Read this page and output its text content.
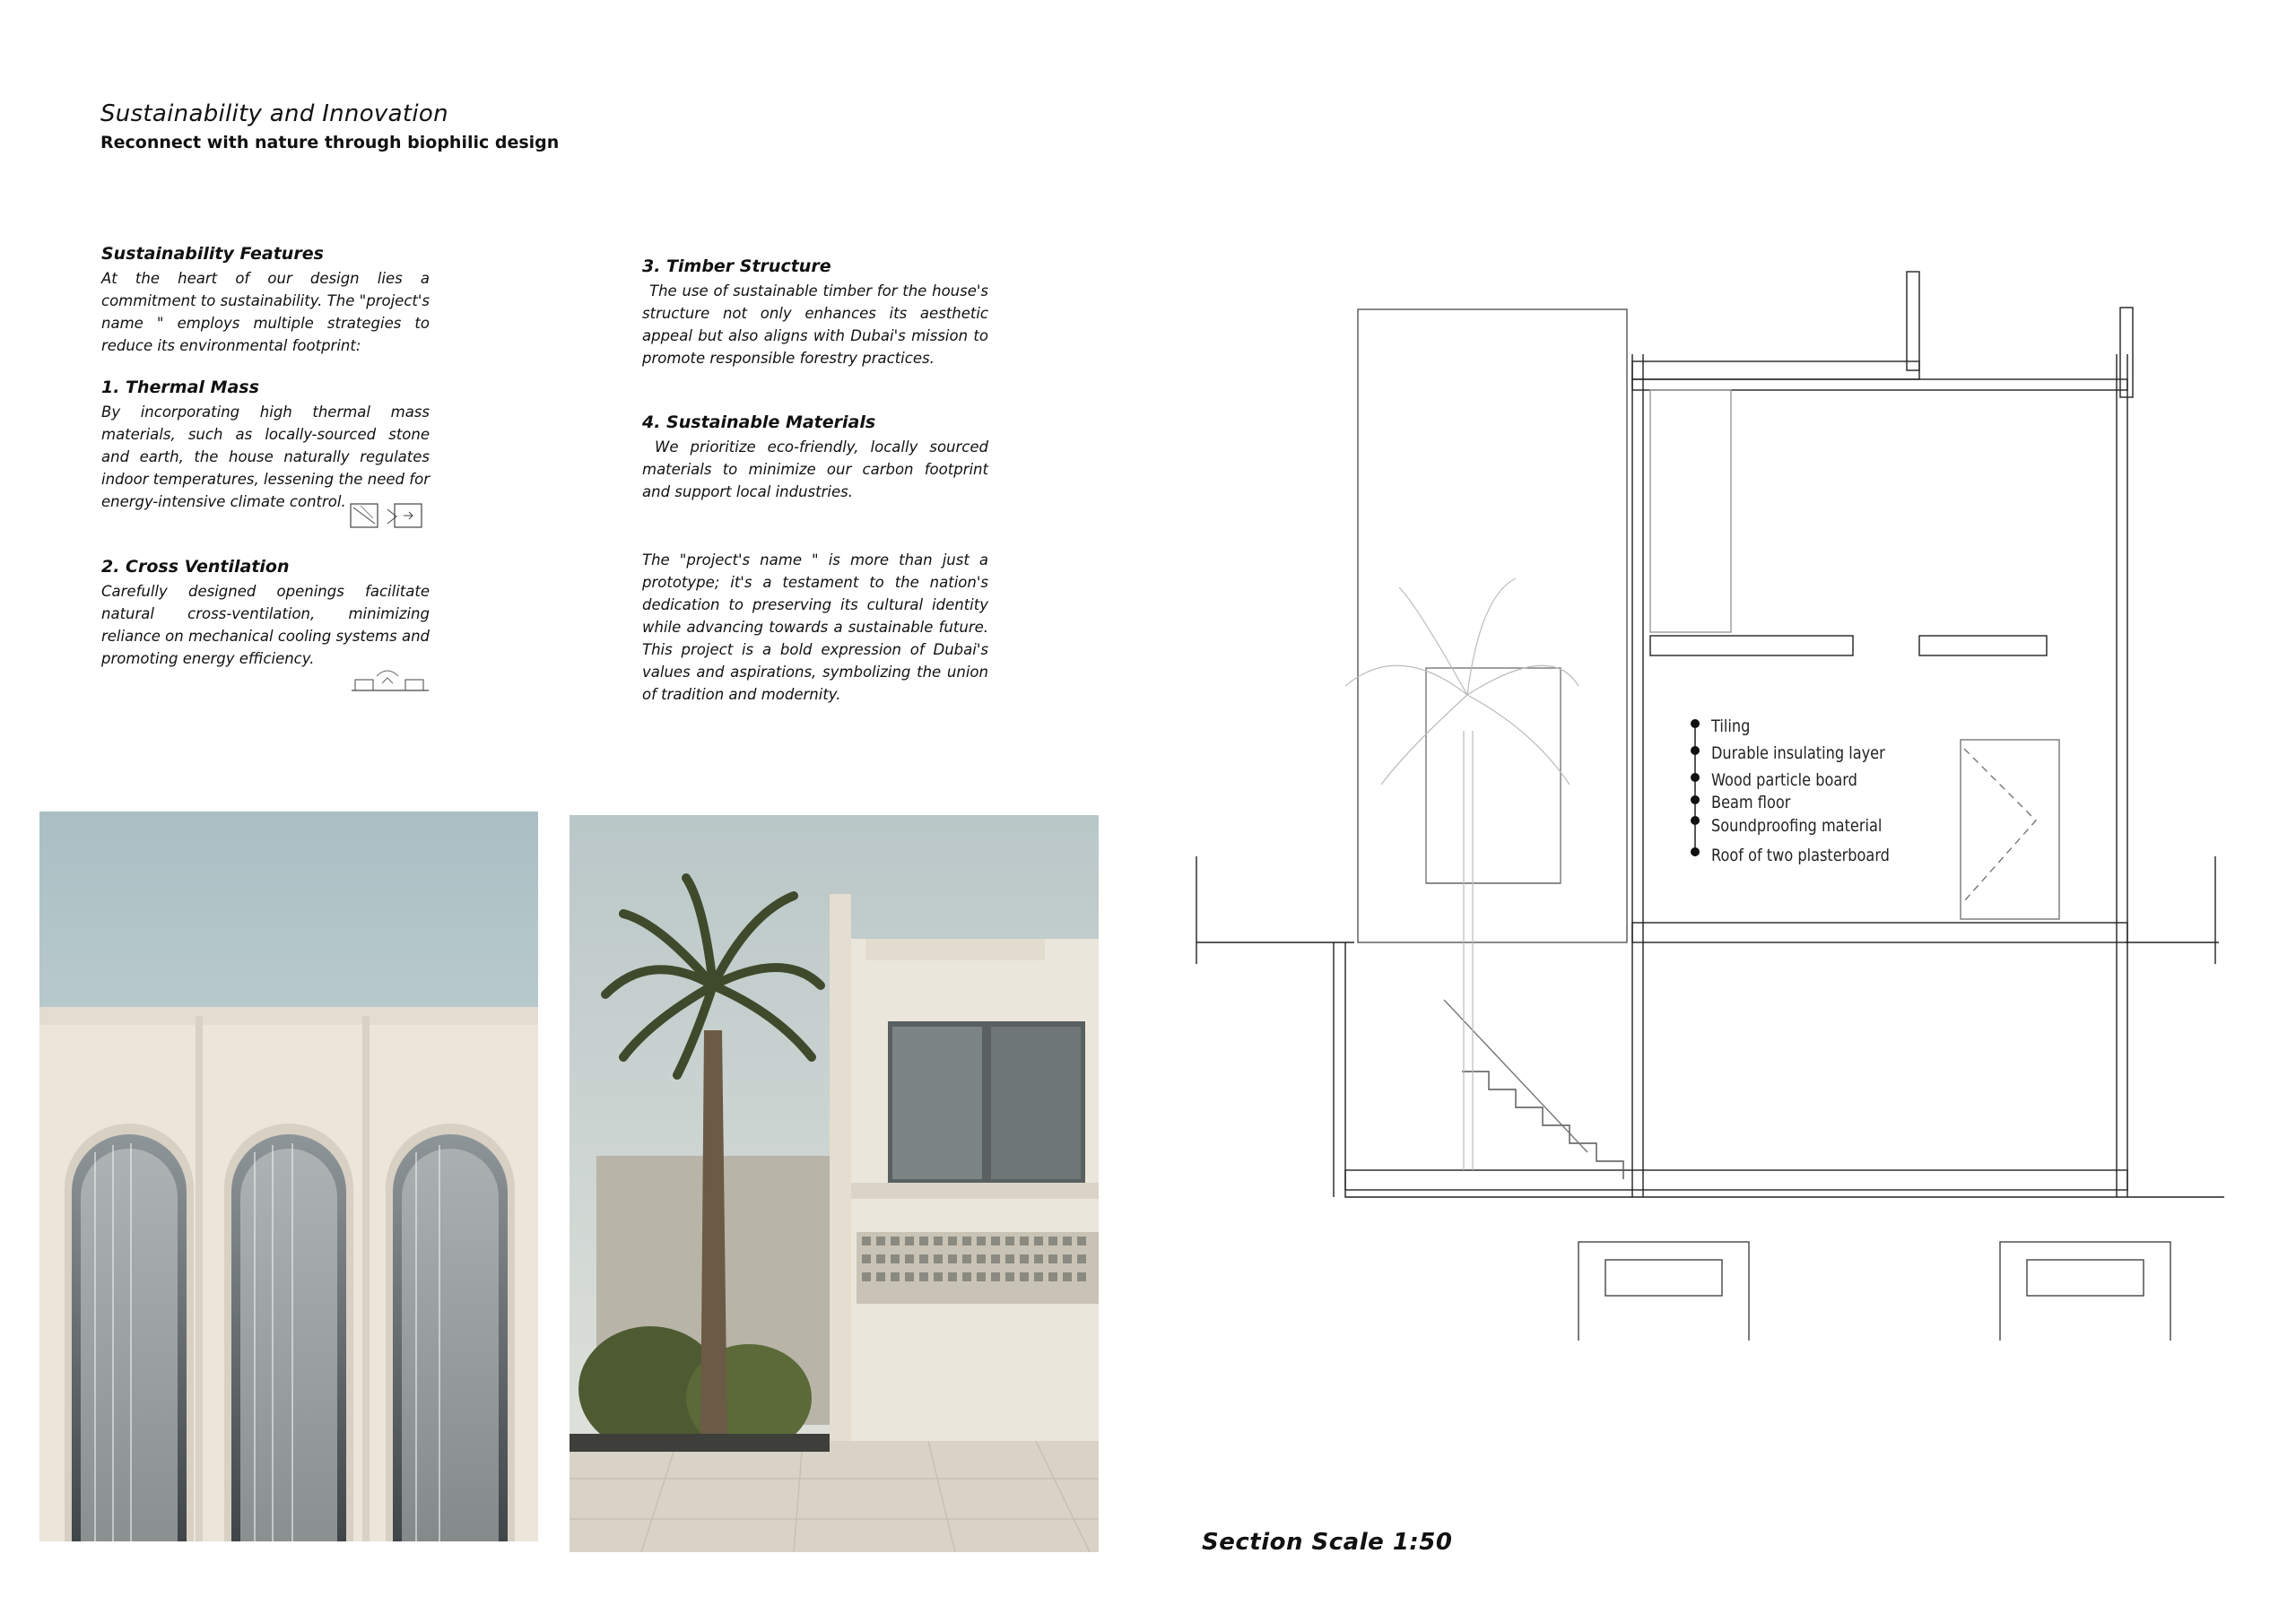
Sustainability and Innovation
Reconnect with nature through biophilic design
Sustainability Features

At the heart of our design lies a commitment to sustainability. The "project's name " employs multiple strategies to reduce its environmental footprint:

1. Thermal Mass

By incorporating high thermal mass materials, such as locally-sourced stone and earth, the house naturally regulates indoor temperatures, lessening the need for energy-intensive climate control.

2. Cross Ventilation

Carefully designed openings facilitate natural cross-ventilation, minimizing reliance on mechanical cooling systems and promoting energy efficiency.

3. Timber Structure

The use of sustainable timber for the house's structure not only enhances its aesthetic appeal but also aligns with Dubai's mission to promote responsible forestry practices.

4. Sustainable Materials

We prioritize eco-friendly, locally sourced materials to minimize our carbon footprint and support local industries.

The "project's name " is more than just a prototype; it's a testament to the nation's dedication to preserving its cultural identity while advancing towards a sustainable future. This project is a bold expression of Dubai's values and aspirations, symbolizing the union of tradition and modernity.

Tiling
Durable insulating layer
Wood particle board
Beam floor
Soundproofing material
Roof of two plasterboard
Section Scale 1:50
